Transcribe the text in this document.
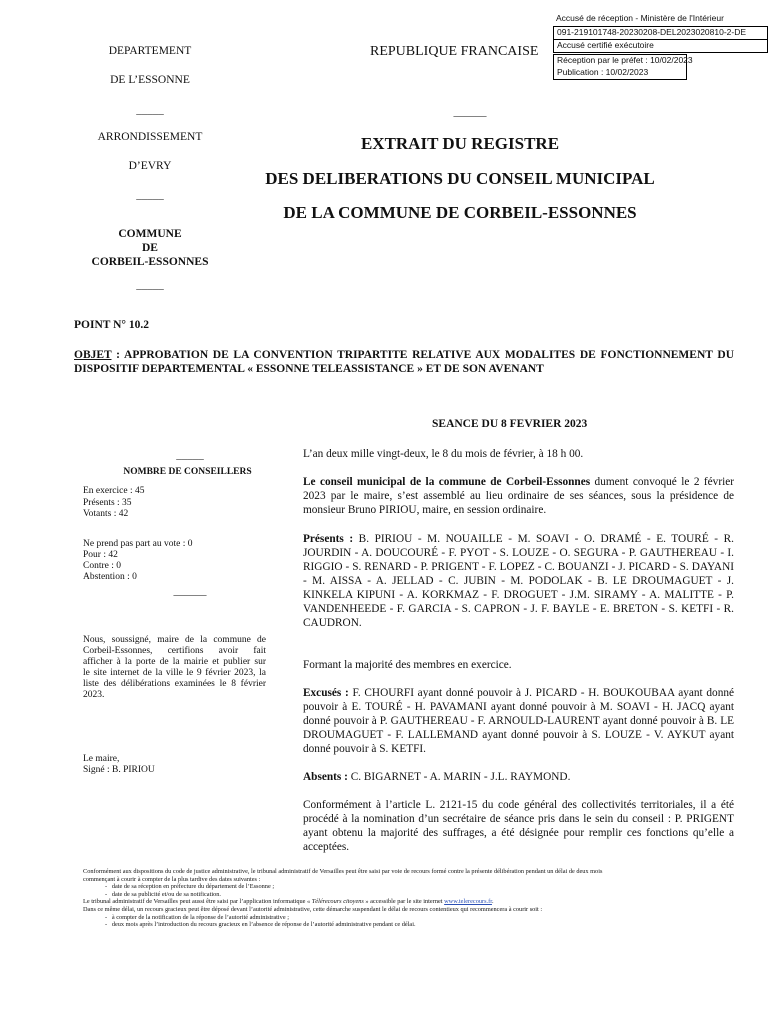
Accusé de réception - Ministère de l'Intérieur
091-219101748-20230208-DEL2023020810-2-DE
Accusé certifié exécutoire
Réception par le préfet : 10/02/2023
Publication : 10/02/2023
DEPARTEMENT
DE L’ESSONNE
_____
ARRONDISSEMENT
D’EVRY
_____
COMMUNE
DE
CORBEIL-ESSONNES
_____
REPUBLIQUE FRANCAISE
______
EXTRAIT DU REGISTRE
DES DELIBERATIONS DU CONSEIL MUNICIPAL
DE LA COMMUNE DE CORBEIL-ESSONNES
POINT N° 10.2
OBJET : APPROBATION DE LA CONVENTION TRIPARTITE RELATIVE AUX MODALITES DE FONCTIONNEMENT DU DISPOSITIF DEPARTEMENTAL « ESSONNE TELEASSISTANCE » ET DE SON AVENANT
SEANCE DU 8 FEVRIER 2023
_____
NOMBRE DE CONSEILLERS
En exercice : 45
Présents : 35
Votants : 42
Ne prend pas part au vote : 0
Pour : 42
Contre : 0
Abstention : 0
______
Nous, soussigné, maire de la commune de
Corbeil-Essonnes, certifions avoir fait
afficher à la porte de la mairie et publier sur
le site internet de la ville le 9 février 2023, la
liste des délibérations examinées le 8 février
2023.
Le maire,
Signé : B. PIRIOU
L’an deux mille vingt-deux, le 8 du mois de février, à 18 h 00.
Le conseil municipal de la commune de Corbeil-Essonnes dument convoqué le 2 février 2023 par le maire, s’est assemblé au lieu ordinaire de ses séances, sous la présidence de monsieur Bruno PIRIOU, maire, en session ordinaire.
Présents : B. PIRIOU - M. NOUAILLE - M. SOAVI - O. DRAMÉ - E. TOURÉ - R. JOURDIN - A. DOUCOURÉ - F. PYOT - S. LOUZE - O. SEGURA - P. GAUTHEREAU - I. RIGGIO - S. RENARD - P. PRIGENT - F. LOPEZ - C. BOUANZI - J. PICARD - S. DAYANI - M. AISSA - A. JELLAD - C. JUBIN - M. PODOLAK - B. LE DROUMAGUET - J. KINKELA KIPUNI - A. KORKMAZ - F. DROGUET - J.M. SIRAMY - A. MALITTE - P. VANDENHEEDE - F. GARCIA - S. CAPRON - J. F. BAYLE - E. BRETON - S. KETFI - R. CAUDRON.
Formant la majorité des membres en exercice.
Excusés : F. CHOURFI ayant donné pouvoir à J. PICARD - H. BOUKOUBAA ayant donné pouvoir à E. TOURÉ - H. PAVAMANI ayant donné pouvoir à M. SOAVI - H. JACQ ayant donné pouvoir à P. GAUTHEREAU - F. ARNOULD-LAURENT ayant donné pouvoir à B. LE DROUMAGUET - F. LALLEMAND ayant donné pouvoir à S. LOUZE - V. AYKUT ayant donné pouvoir à S. KETFI.
Absents : C. BIGARNET - A. MARIN - J.L. RAYMOND.
Conformément à l’article L. 2121-15 du code général des collectivités territoriales, il a été procédé à la nomination d’un secrétaire de séance pris dans le sein du conseil : P. PRIGENT ayant obtenu la majorité des suffrages, a été désignée pour remplir ces fonctions qu’elle a acceptées.
Conformément aux dispositions du code de justice administrative, le tribunal administratif de Versailles peut être saisi par voie de recours formé contre la présente délibération pendant un délai de deux mois
commençant à courir à compter de la plus tardive des dates suivantes :
-   date de sa réception en préfecture du département de l’Essonne ;
-   date de sa publicité et/ou de sa notification.
Le tribunal administratif de Versailles peut aussi être saisi par l’application informatique « Télérecours citoyens » accessible par le site internet www.telerecours.fr.
Dans ce même délai, un recours gracieux peut être déposé devant l’autorité administrative, cette démarche suspendant le délai de recours contentieux qui recommencera à courir soit :
-   à compter de la notification de la réponse de l’autorité administrative ;
-   deux mois après l’introduction du recours gracieux en l’absence de réponse de l’autorité administrative pendant ce délai.
